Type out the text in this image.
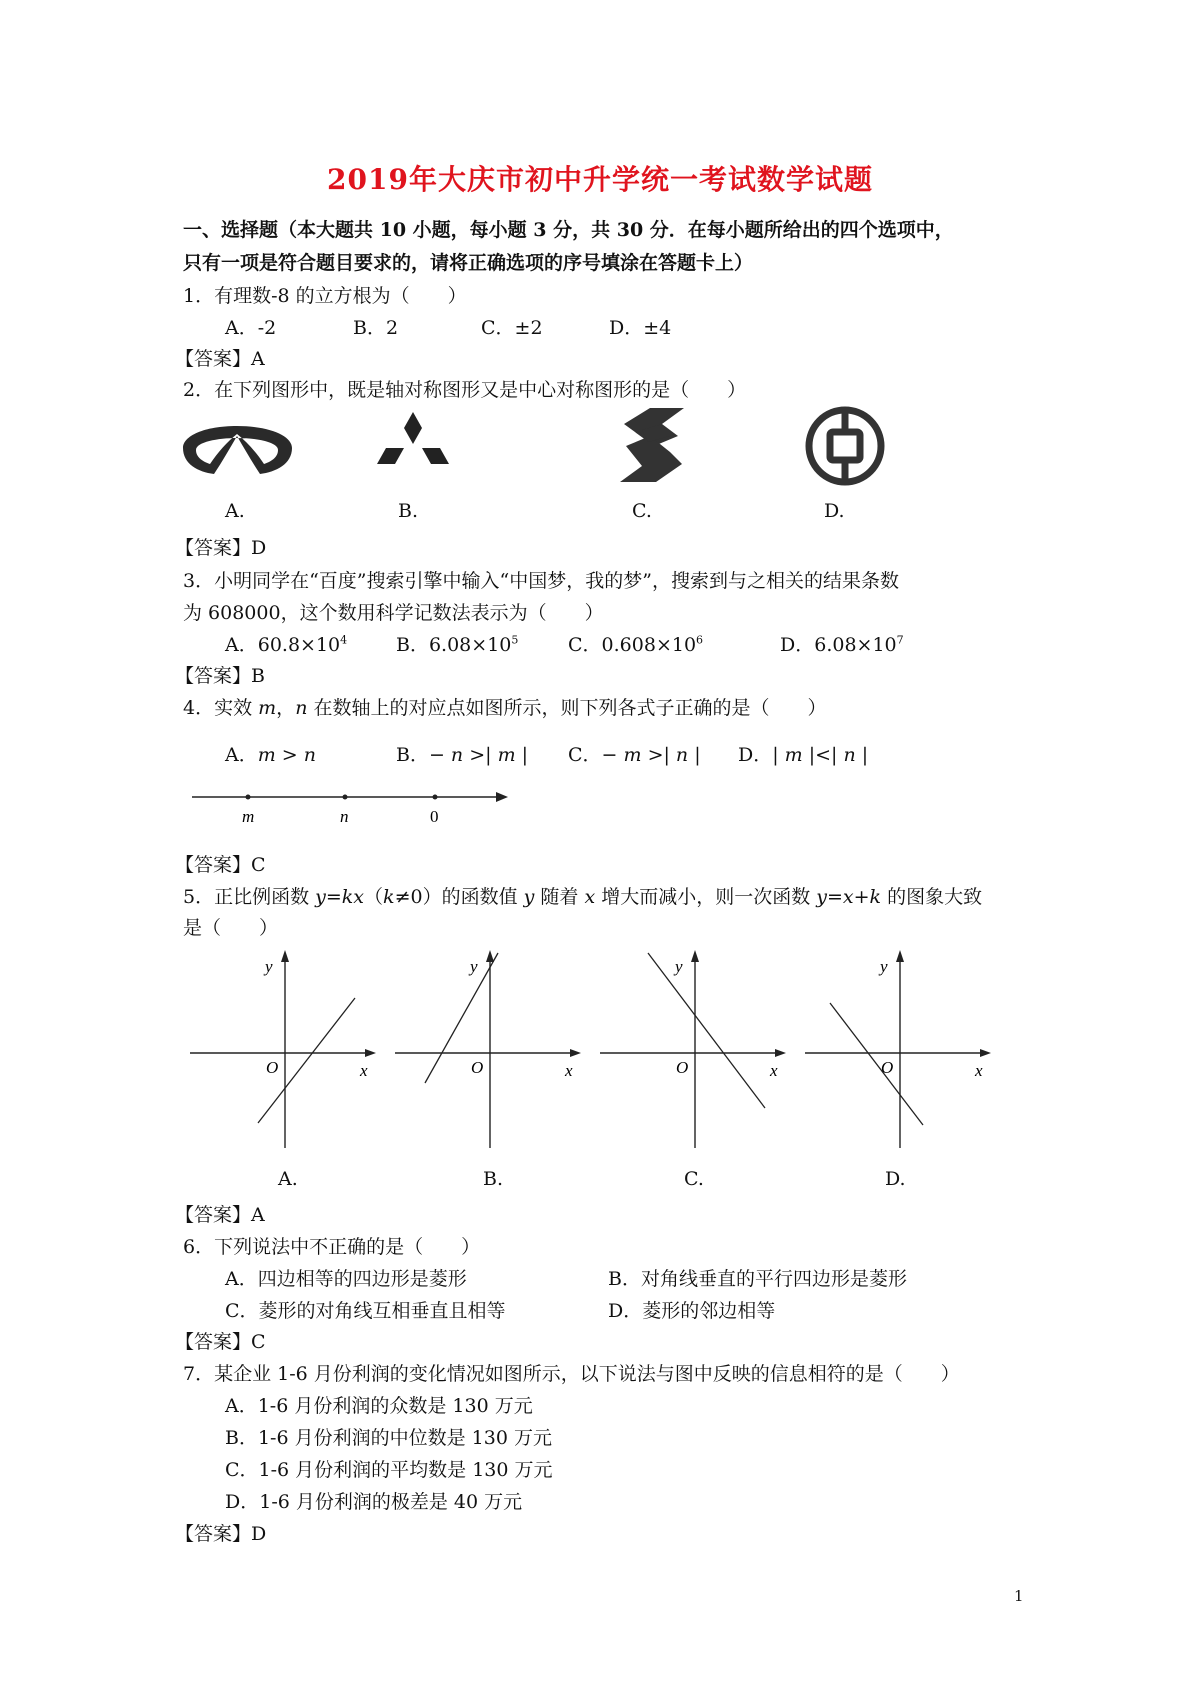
2019年大庆市初中升学统一考试数学试题
一、选择题（本大题共 10 小题，每小题 3 分，共 30 分．在每小题所给出的四个选项中，
只有一项是符合题目要求的，请将正确选项的序号填涂在答题卡上）
1．有理数-8 的立方根为（　　）
A．-2	B．2	C．±2	D．±4
【答案】A
2．在下列图形中，既是轴对称图形又是中心对称图形的是（　　）
A.	B.	C.	D.
【答案】D
3．小明同学在“百度”搜索引擎中输入“中国梦，我的梦”，搜索到与之相关的结果条数
为 608000，这个数用科学记数法表示为（　　）
A．$60.8\times 10^4$	B．$6.08\times 10^5$	C．$0.608\times 10^6$	D．$6.08\times 10^7$
【答案】B
4．实效 m，n 在数轴上的对应点如图所示，则下列各式子正确的是（　　）
A．m > n	B．− n >| m | C．− m >| n | D．| m |<| n |
m	n	0
【答案】C
5．正比例函数 y=kx（k≠0）的函数值 y 随着 x 增大而减小，则一次函数 y=x+k 的图象大致
是（　　）
y
x
O
y
x
O
y
x
O
y
x
O
A.	B.	C.	D.
【答案】A
6．下列说法中不正确的是（　　）
A．四边相等的四边形是菱形	B．对角线垂直的平行四边形是菱形
C．菱形的对角线互相垂直且相等	D．菱形的邻边相等
【答案】C
7．某企业 1-6 月份利润的变化情况如图所示，以下说法与图中反映的信息相符的是（　　）
A．1-6 月份利润的众数是 130 万元
B．1-6 月份利润的中位数是 130 万元
C．1-6 月份利润的平均数是 130 万元
D．1-6 月份利润的极差是 40 万元
【答案】D
1
